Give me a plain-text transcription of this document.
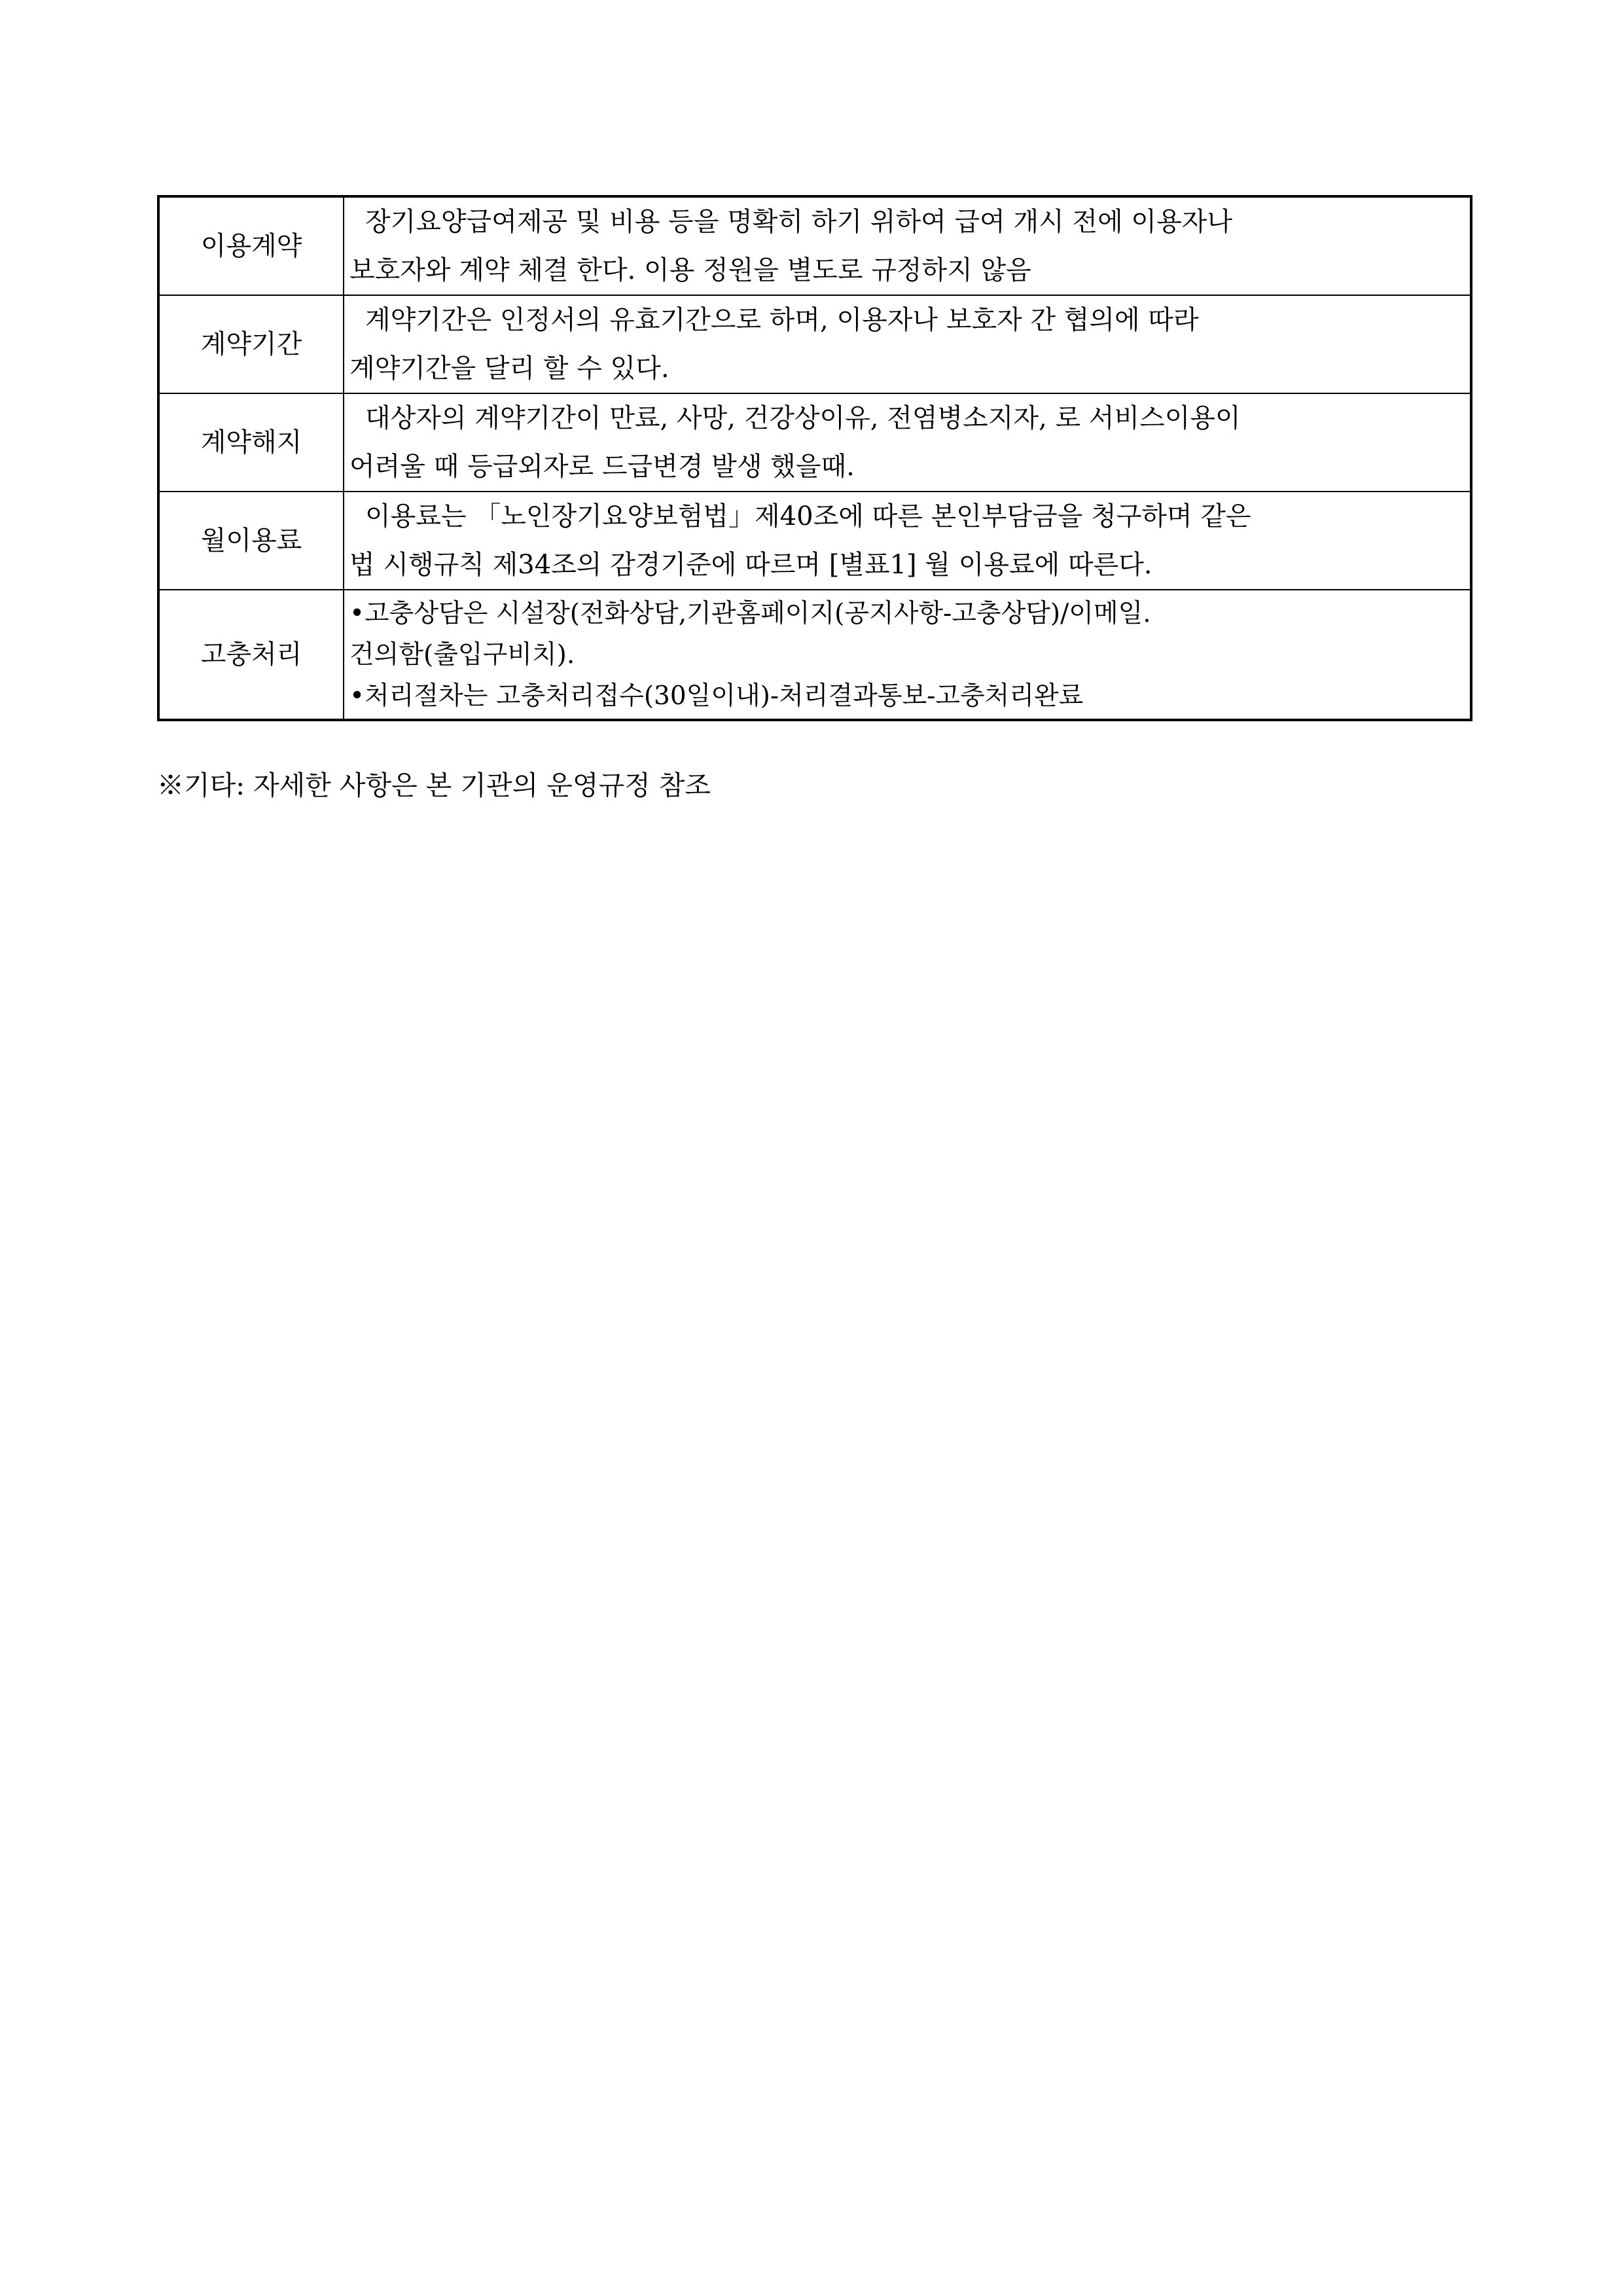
이용계약	장기요양급여제공 및 비용 등을 명확히 하기 위하여 급여 개시 전에 이용자나
보호자와 계약 체결 한다. 이용 정원을 별도로 규정하지 않음

계약기간	계약기간은 인정서의 유효기간으로 하며, 이용자나 보호자 간 협의에 따라
계약기간을 달리 할 수 있다.

계약해지	대상자의 계약기간이 만료, 사망, 건강상이유, 전염병소지자, 로 서비스이용이
어려울 때 등급외자로 드급변경 발생 했을때.

월이용료	이용료는 「노인장기요양보험법」제40조에 따른 본인부담금을 청구하며 같은
법 시행규칙 제34조의 감경기준에 따르며 [별표1] 월 이용료에 따른다.

고충처리	•고충상담은 시설장(전화상담,기관홈페이지(공지사항-고충상담)/이메일.
건의함(출입구비치).
•처리절차는 고충처리접수(30일이내)-처리결과통보-고충처리완료
※기타: 자세한 사항은 본 기관의 운영규정 참조
